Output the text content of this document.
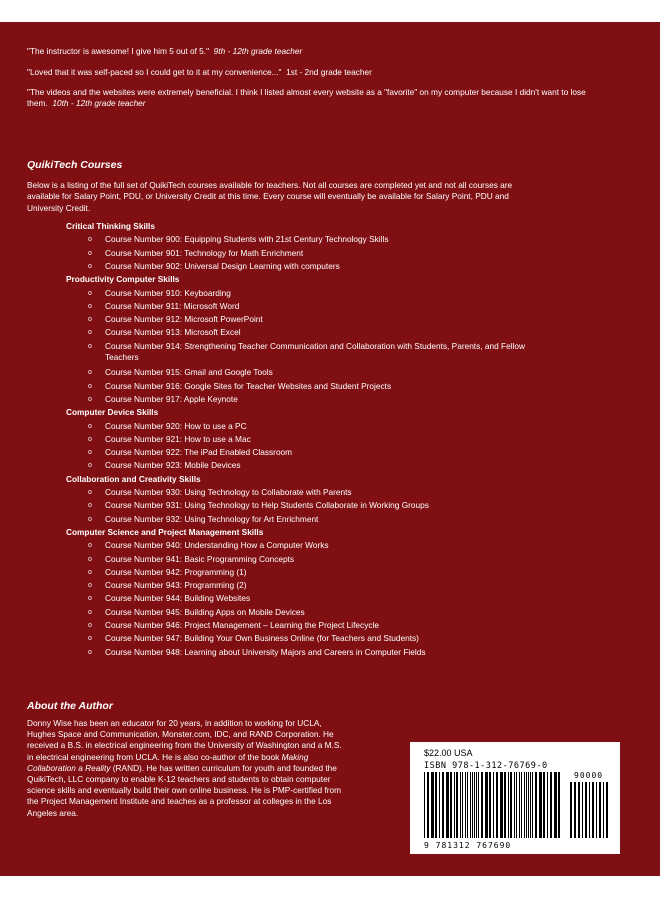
"The instructor is awesome! I give him 5 out of 5." 9th - 12th grade teacher
"Loved that it was self-paced so I could get to it at my convenience..." 1st - 2nd grade teacher
"The videos and the websites were extremely beneficial. I think I listed almost every website as a "favorite" on my computer because I didn't want to lose them. 10th - 12th grade teacher
QuikiTech Courses
Below is a listing of the full set of QuikiTech courses available for teachers. Not all courses are completed yet and not all courses are available for Salary Point, PDU, or University Credit at this time. Every course will eventually be available for Salary Point, PDU and University Credit.
Critical Thinking Skills
o Course Number 900: Equipping Students with 21st Century Technology Skills
o Course Number 901: Technology for Math Enrichment
o Course Number 902: Universal Design Learning with computers
Productivity Computer Skills
o Course Number 910: Keyboarding
o Course Number 911: Microsoft Word
o Course Number 912: Microsoft PowerPoint
o Course Number 913: Microsoft Excel
o Course Number 914: Strengthening Teacher Communication and Collaboration with Students, Parents, and Fellow Teachers
o Course Number 915: Gmail and Google Tools
o Course Number 916: Google Sites for Teacher Websites and Student Projects
o Course Number 917: Apple Keynote
Computer Device Skills
o Course Number 920: How to use a PC
o Course Number 921: How to use a Mac
o Course Number 922: The iPad Enabled Classroom
o Course Number 923: Mobile Devices
Collaboration and Creativity Skills
o Course Number 930: Using Technology to Collaborate with Parents
o Course Number 931: Using Technology to Help Students Collaborate in Working Groups
o Course Number 932: Using Technology for Art Enrichment
Computer Science and Project Management Skills
o Course Number 940: Understanding How a Computer Works
o Course Number 941: Basic Programming Concepts
o Course Number 942: Programming (1)
o Course Number 943: Programming (2)
o Course Number 944: Building Websites
o Course Number 945: Building Apps on Mobile Devices
o Course Number 946: Project Management – Learning the Project Lifecycle
o Course Number 947: Building Your Own Business Online (for Teachers and Students)
o Course Number 948: Learning about University Majors and Careers in Computer Fields
About the Author
Donny Wise has been an educator for 20 years, in addition to working for UCLA, Hughes Space and Communication, Monster.com, IDC, and RAND Corporation. He received a B.S. in electrical engineering from the University of Washington and a M.S. in electrical engineering from UCLA. He is also co-author of the book Making Collaboration a Reality (RAND). He has written curriculum for youth and founded the QuikiTech, LLC company to enable K-12 teachers and students to obtain computer science skills and eventually build their own online business. He is PMP-certified from the Project Management Institute and teaches as a professor at colleges in the Los Angeles area.
$22.00 USA
ISBN 978-1-312-76769-0
9 781312 767690
90000
